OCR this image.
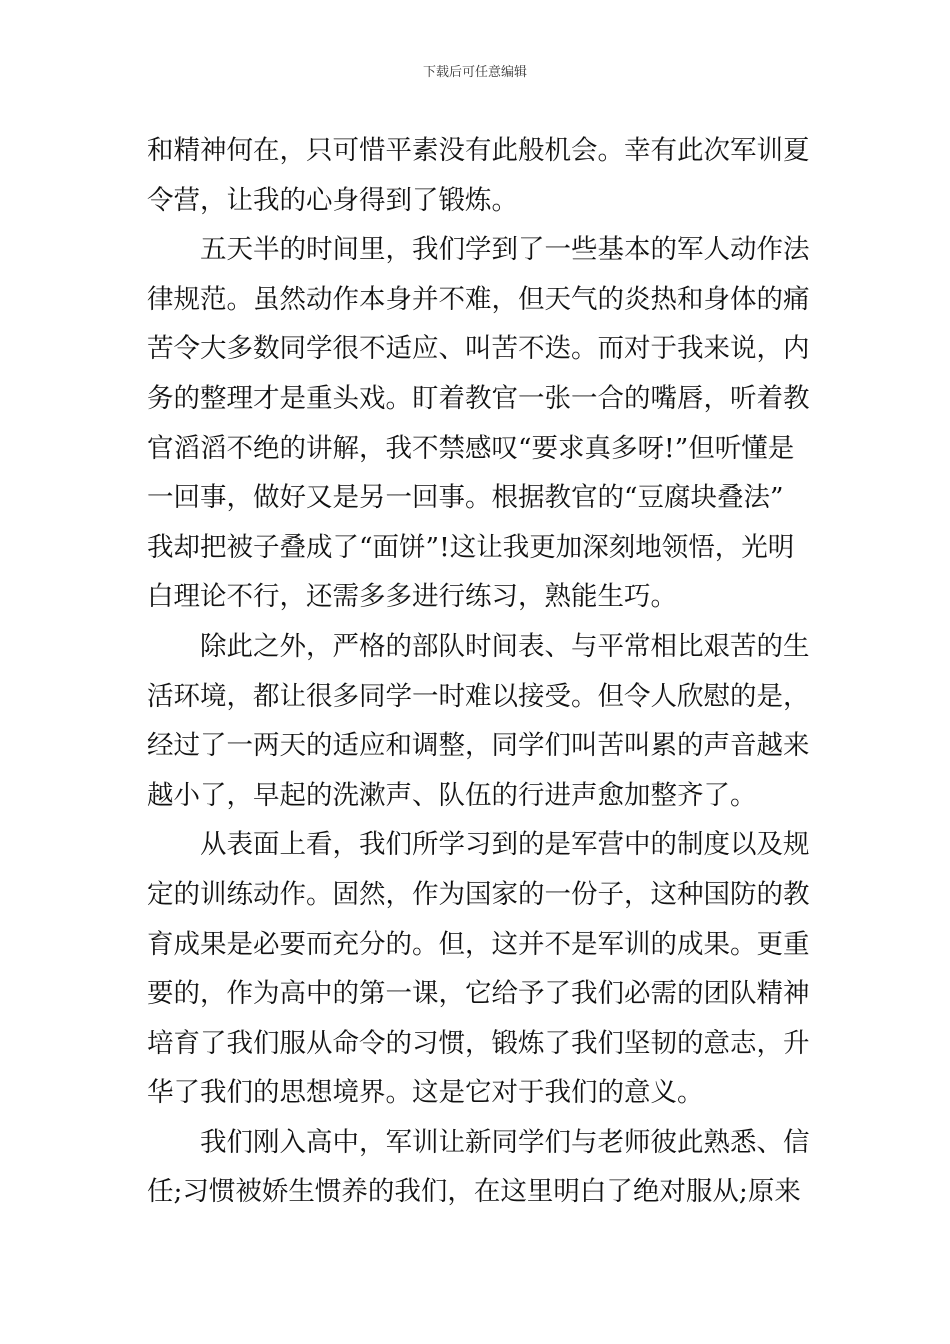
下载后可任意编辑
和精神何在，只可惜平素没有此般机会。幸有此次军训夏
令营，让我的心身得到了锻炼。
五天半的时间里，我们学到了一些基本的军人动作法
律规范。虽然动作本身并不难，但天气的炎热和身体的痛
苦令大多数同学很不适应、叫苦不迭。而对于我来说，内
务的整理才是重头戏。盯着教官一张一合的嘴唇，听着教
官滔滔不绝的讲解，我不禁感叹“要求真多呀!”但听懂是
一回事，做好又是另一回事。根据教官的“豆腐块叠法”
我却把被子叠成了“面饼”!这让我更加深刻地领悟，光明
白理论不行，还需多多进行练习，熟能生巧。
除此之外，严格的部队时间表、与平常相比艰苦的生
活环境，都让很多同学一时难以接受。但令人欣慰的是，
经过了一两天的适应和调整，同学们叫苦叫累的声音越来
越小了，早起的洗漱声、队伍的行进声愈加整齐了。
从表面上看，我们所学习到的是军营中的制度以及规
定的训练动作。固然，作为国家的一份子，这种国防的教
育成果是必要而充分的。但，这并不是军训的成果。更重
要的，作为高中的第一课，它给予了我们必需的团队精神
培育了我们服从命令的习惯，锻炼了我们坚韧的意志，升
华了我们的思想境界。这是它对于我们的意义。
我们刚入高中，军训让新同学们与老师彼此熟悉、信
任;习惯被娇生惯养的我们，在这里明白了绝对服从;原来
